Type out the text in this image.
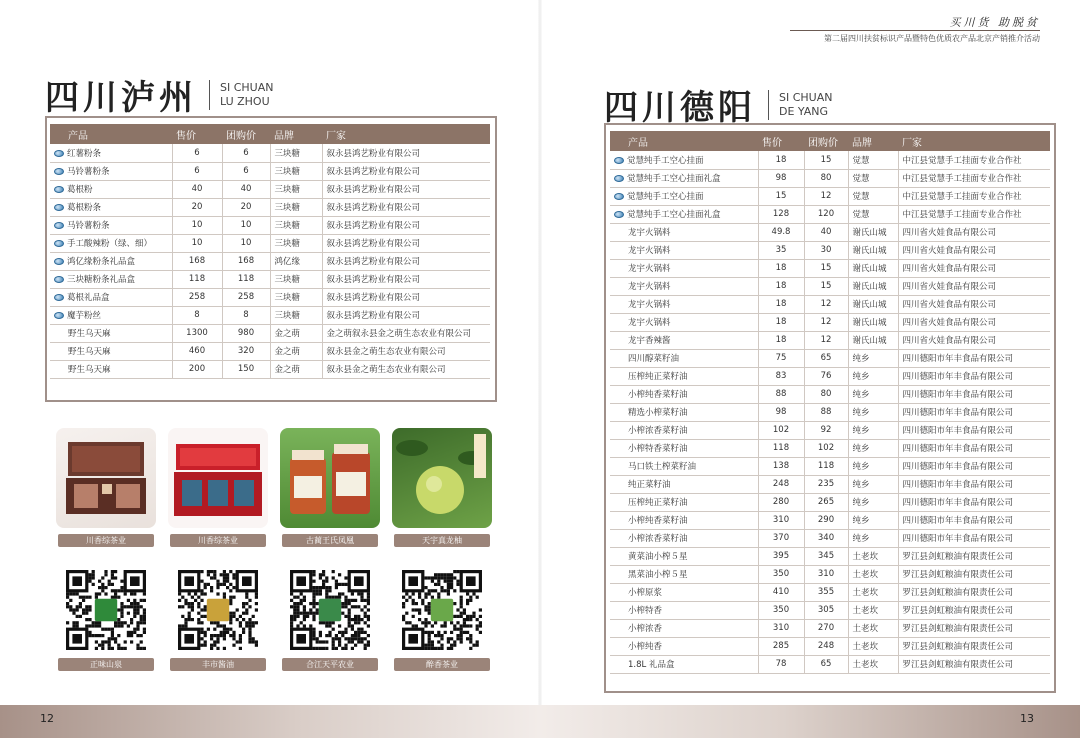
买川货 助脱贫
第二届四川扶贫标识产品暨特色优质农产品北京产销推介活动
四川泸州 SI CHUAN
LU ZHOU
产品	售价	团购价	品牌	厂家
红薯粉条	6	6	三块糖	叙永县鸿艺粉业有限公司
马铃薯粉条	6	6	三块糖	叙永县鸿艺粉业有限公司
葛根粉	40	40	三块糖	叙永县鸿艺粉业有限公司
葛根粉条	20	20	三块糖	叙永县鸿艺粉业有限公司
马铃薯粉条	10	10	三块糖	叙永县鸿艺粉业有限公司
手工酸辣粉（绿、细）	10	10	三块糖	叙永县鸿艺粉业有限公司
鸿亿缘粉条礼品盒	168	168	鸿亿缘	叙永县鸿艺粉业有限公司
三块糖粉条礼品盒	118	118	三块糖	叙永县鸿艺粉业有限公司
葛根礼品盒	258	258	三块糖	叙永县鸿艺粉业有限公司
魔芋粉丝	8	8	三块糖	叙永县鸿艺粉业有限公司
野生乌天麻	1300	980	金之萌	金之萌叙永县金之萌生态农业有限公司
野生乌天麻	460	320	金之萌	叙永县金之萌生态农业有限公司
野生乌天麻	200	150	金之萌	叙永县金之萌生态农业有限公司
川香综茶业	川香综茶业	古蔺王氏凤凰	天宇真龙柚
正味山泉	丰市酱油	合江天平农业	醉香茶业
四川德阳 SI CHUAN
DE YANG
产品	售价	团购价	品牌	厂家
觉慧纯手工空心挂面	18	15	觉慧	中江县觉慧手工挂面专业合作社
觉慧纯手工空心挂面礼盒	98	80	觉慧	中江县觉慧手工挂面专业合作社
觉慧纯手工空心挂面	15	12	觉慧	中江县觉慧手工挂面专业合作社
觉慧纯手工空心挂面礼盒	128	120	觉慧	中江县觉慧手工挂面专业合作社
龙宇火锅料	49.8	40	谢氏山城	四川省火娃食品有限公司
龙宇火锅料	35	30	谢氏山城	四川省火娃食品有限公司
龙宇火锅料	18	15	谢氏山城	四川省火娃食品有限公司
龙宇火锅料	18	15	谢氏山城	四川省火娃食品有限公司
龙宇火锅料	18	12	谢氏山城	四川省火娃食品有限公司
龙宇火锅料	18	12	谢氏山城	四川省火娃食品有限公司
龙宇香辣酱	18	12	谢氏山城	四川省火娃食品有限公司
四川醇菜籽油	75	65	纯乡	四川德阳市年丰食品有限公司
压榨纯正菜籽油	83	76	纯乡	四川德阳市年丰食品有限公司
小榨纯香菜籽油	88	80	纯乡	四川德阳市年丰食品有限公司
精选小榨菜籽油	98	88	纯乡	四川德阳市年丰食品有限公司
小榨浓香菜籽油	102	92	纯乡	四川德阳市年丰食品有限公司
小榨特香菜籽油	118	102	纯乡	四川德阳市年丰食品有限公司
马口铁土榨菜籽油	138	118	纯乡	四川德阳市年丰食品有限公司
纯正菜籽油	248	235	纯乡	四川德阳市年丰食品有限公司
压榨纯正菜籽油	280	265	纯乡	四川德阳市年丰食品有限公司
小榨纯香菜籽油	310	290	纯乡	四川德阳市年丰食品有限公司
小榨浓香菜籽油	370	340	纯乡	四川德阳市年丰食品有限公司
黄菜油小榨５星	395	345	土老坎	罗江县剑虹粮油有限责任公司
黑菜油小榨５星	350	310	土老坎	罗江县剑虹粮油有限责任公司
小榨原浆	410	355	土老坎	罗江县剑虹粮油有限责任公司
小榨特香	350	305	土老坎	罗江县剑虹粮油有限责任公司
小榨浓香	310	270	土老坎	罗江县剑虹粮油有限责任公司
小榨纯香	285	248	土老坎	罗江县剑虹粮油有限责任公司
1.8L 礼品盒	78	65	土老坎	罗江县剑虹粮油有限责任公司
12	13
